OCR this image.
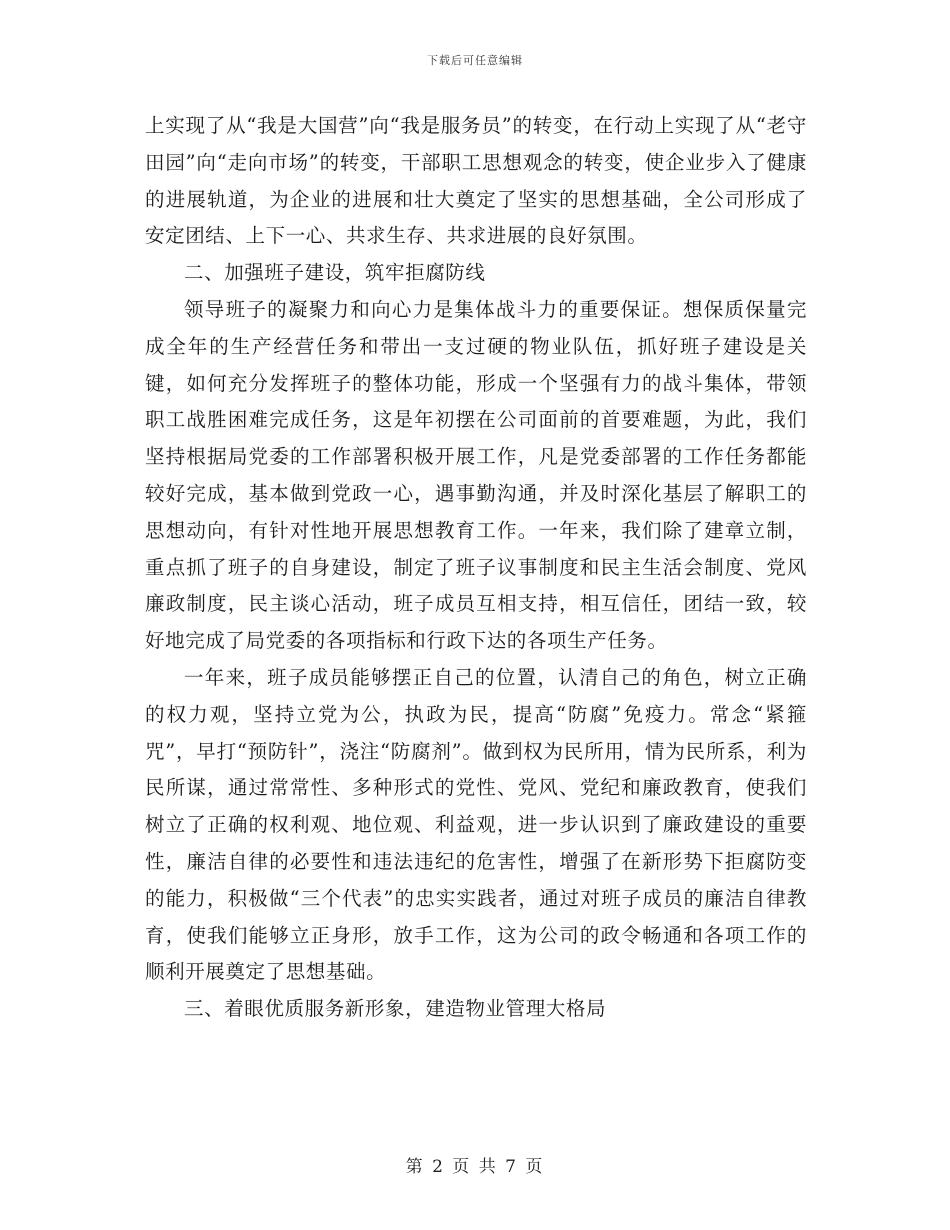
下载后可任意编辑

上实现了从“我是大国营”向“我是服务员”的转变，在行动上实现了从“老守田园”向“走向市场”的转变，干部职工思想观念的转变，使企业步入了健康的进展轨道，为企业的进展和壮大奠定了坚实的思想基础，全公司形成了安定团结、上下一心、共求生存、共求进展的良好氛围。

二、加强班子建设，筑牢拒腐防线

领导班子的凝聚力和向心力是集体战斗力的重要保证。想保质保量完成全年的生产经营任务和带出一支过硬的物业队伍，抓好班子建设是关键，如何充分发挥班子的整体功能，形成一个坚强有力的战斗集体，带领职工战胜困难完成任务，这是年初摆在公司面前的首要难题，为此，我们坚持根据局党委的工作部署积极开展工作，凡是党委部署的工作任务都能较好完成，基本做到党政一心，遇事勤沟通，并及时深化基层了解职工的思想动向，有针对性地开展思想教育工作。一年来，我们除了建章立制，重点抓了班子的自身建设，制定了班子议事制度和民主生活会制度、党风廉政制度，民主谈心活动，班子成员互相支持，相互信任，团结一致，较好地完成了局党委的各项指标和行政下达的各项生产任务。

一年来，班子成员能够摆正自己的位置，认清自己的角色，树立正确的权力观，坚持立党为公，执政为民，提高“防腐”免疫力。常念“紧箍咒”，早打“预防针”，浇注“防腐剂”。做到权为民所用，情为民所系，利为民所谋，通过常常性、多种形式的党性、党风、党纪和廉政教育，使我们树立了正确的权利观、地位观、利益观，进一步认识到了廉政建设的重要性，廉洁自律的必要性和违法违纪的危害性，增强了在新形势下拒腐防变的能力，积极做“三个代表”的忠实实践者，通过对班子成员的廉洁自律教育，使我们能够立正身形，放手工作，这为公司的政令畅通和各项工作的顺利开展奠定了思想基础。

三、着眼优质服务新形象，建造物业管理大格局

第 2 页 共 7 页
